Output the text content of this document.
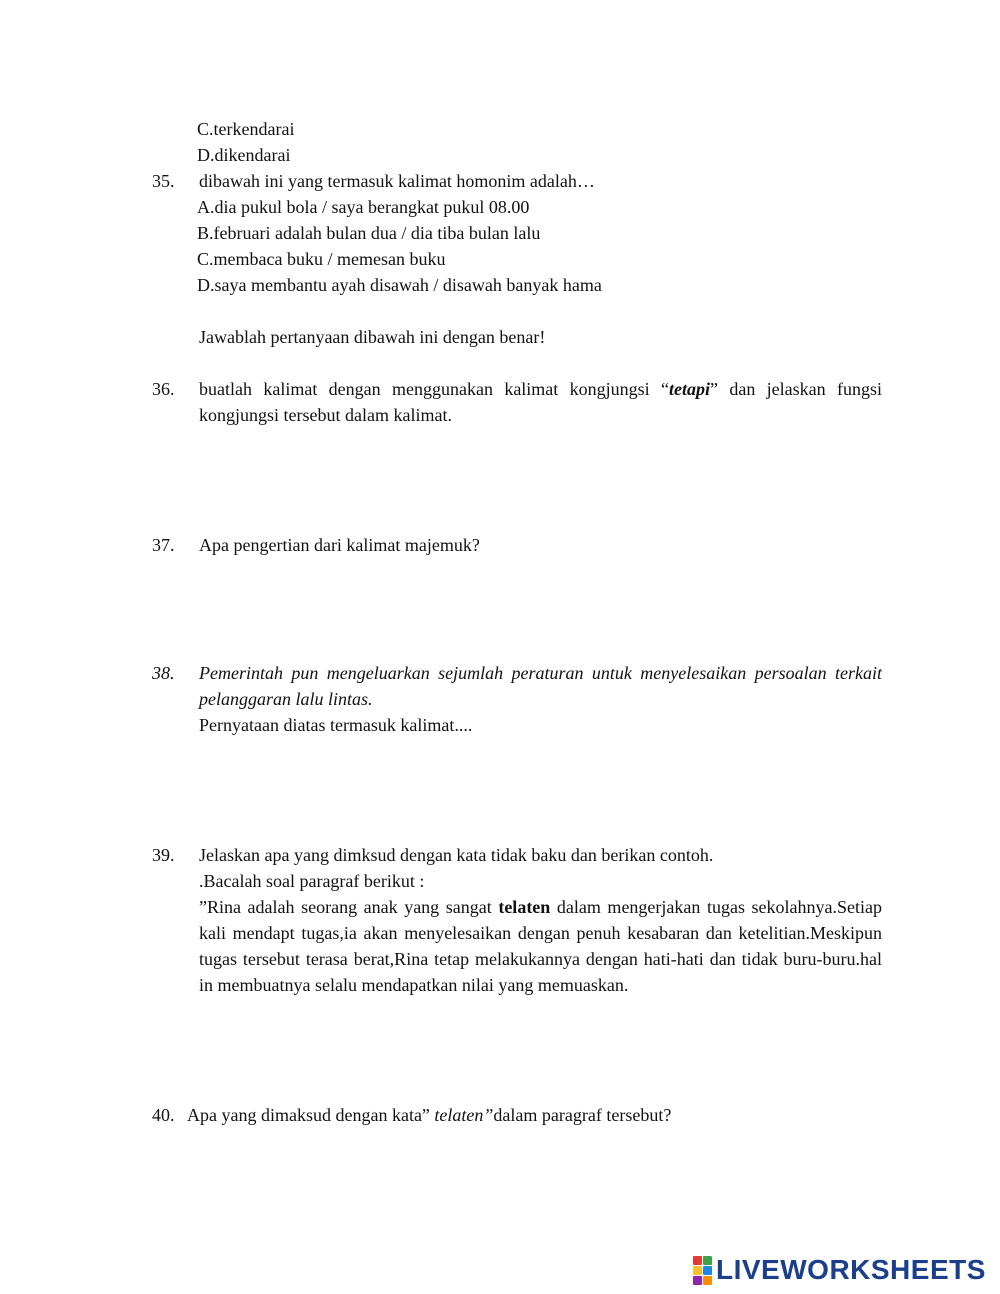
C.terkendarai
D.dikendarai
35. dibawah ini yang termasuk kalimat homonim adalah…
A.dia pukul bola / saya berangkat pukul 08.00
B.februari adalah bulan dua / dia tiba bulan lalu
C.membaca buku / memesan buku
D.saya membantu ayah disawah / disawah banyak hama
Jawablah pertanyaan dibawah ini dengan benar!
36. buatlah kalimat dengan menggunakan kalimat kongjungsi “tetapi” dan jelaskan fungsi kongjungsi tersebut dalam kalimat.
37. Apa pengertian dari kalimat majemuk?
38. Pemerintah pun mengeluarkan sejumlah peraturan untuk menyelesaikan persoalan terkait pelanggaran lalu lintas.
Pernyataan diatas termasuk kalimat....
39. Jelaskan apa yang dimksud dengan kata tidak baku dan berikan contoh.
.Bacalah soal paragraf berikut :
”Rina adalah seorang anak yang sangat telaten dalam mengerjakan tugas sekolahnya.Setiap kali mendapt tugas,ia akan menyelesaikan dengan penuh kesabaran dan ketelitian.Meskipun tugas tersebut terasa berat,Rina tetap melakukannya dengan hati-hati dan tidak buru-buru.hal in membuatnya selalu mendapatkan nilai yang memuaskan.
40. Apa yang dimaksud dengan kata” telaten”dalam paragraf tersebut?
LIVEWORKSHEETS
